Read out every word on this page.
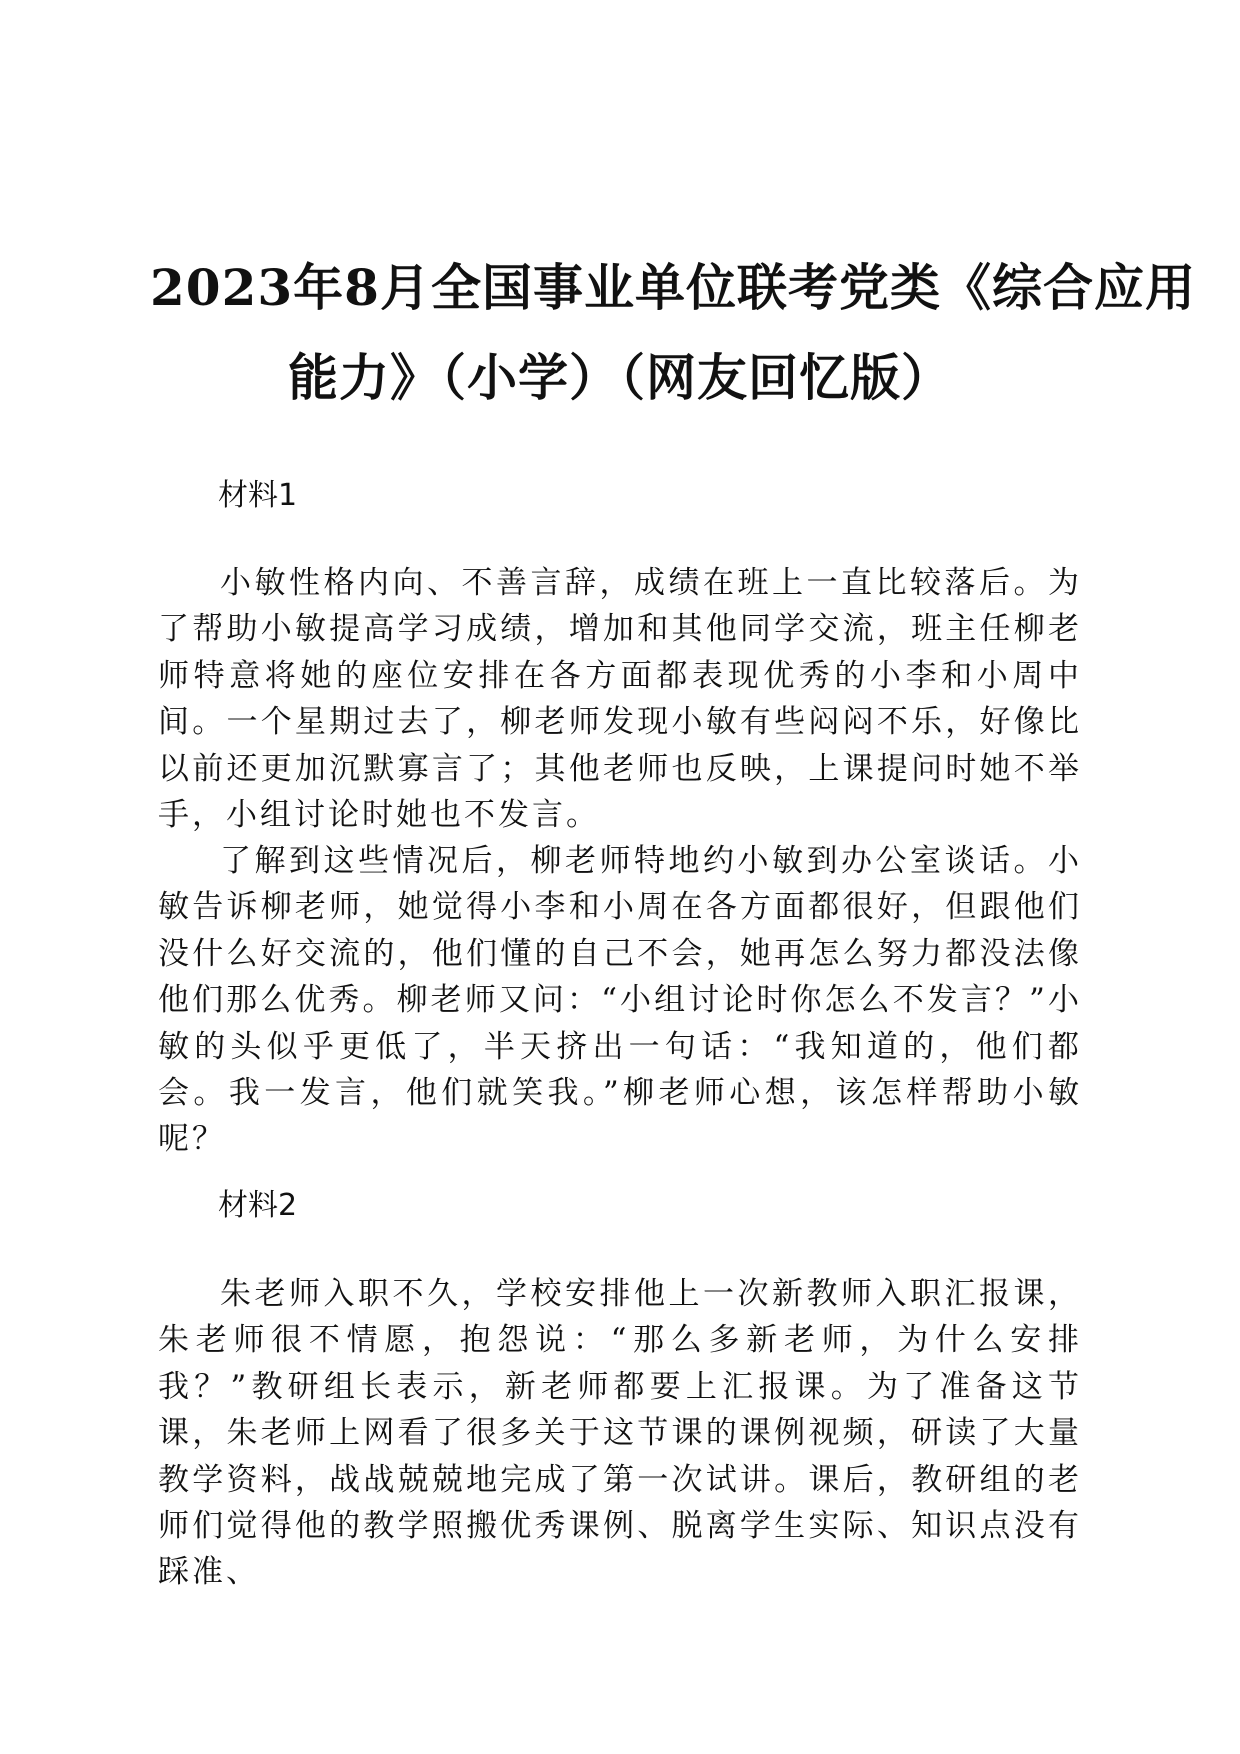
2023年8月全国事业单位联考党类《综合应用
能力》（小学）（网友回忆版）
材料1
小敏性格内向、不善言辞，成绩在班上一直比较落后。为了帮助小敏提高学习成绩，增加和其他同学交流，班主任柳老师特意将她的座位安排在各方面都表现优秀的小李和小周中间。一个星期过去了，柳老师发现小敏有些闷闷不乐，好像比以前还更加沉默寡言了；其他老师也反映，上课提问时她不举手，小组讨论时她也不发言。
了解到这些情况后，柳老师特地约小敏到办公室谈话。小敏告诉柳老师，她觉得小李和小周在各方面都很好，但跟他们没什么好交流的，他们懂的自己不会，她再怎么努力都没法像他们那么优秀。柳老师又问：“小组讨论时你怎么不发言？”小敏的头似乎更低了，半天挤出一句话：“我知道的，他们都会。我一发言，他们就笑我。”柳老师心想，该怎样帮助小敏呢？
材料2
朱老师入职不久，学校安排他上一次新教师入职汇报课，朱老师很不情愿，抱怨说：“那么多新老师，为什么安排我？”教研组长表示，新老师都要上汇报课。为了准备这节课，朱老师上网看了很多关于这节课的课例视频，研读了大量教学资料，战战兢兢地完成了第一次试讲。课后，教研组的老师们觉得他的教学照搬优秀课例、脱离学生实际、知识点没有踩准、
